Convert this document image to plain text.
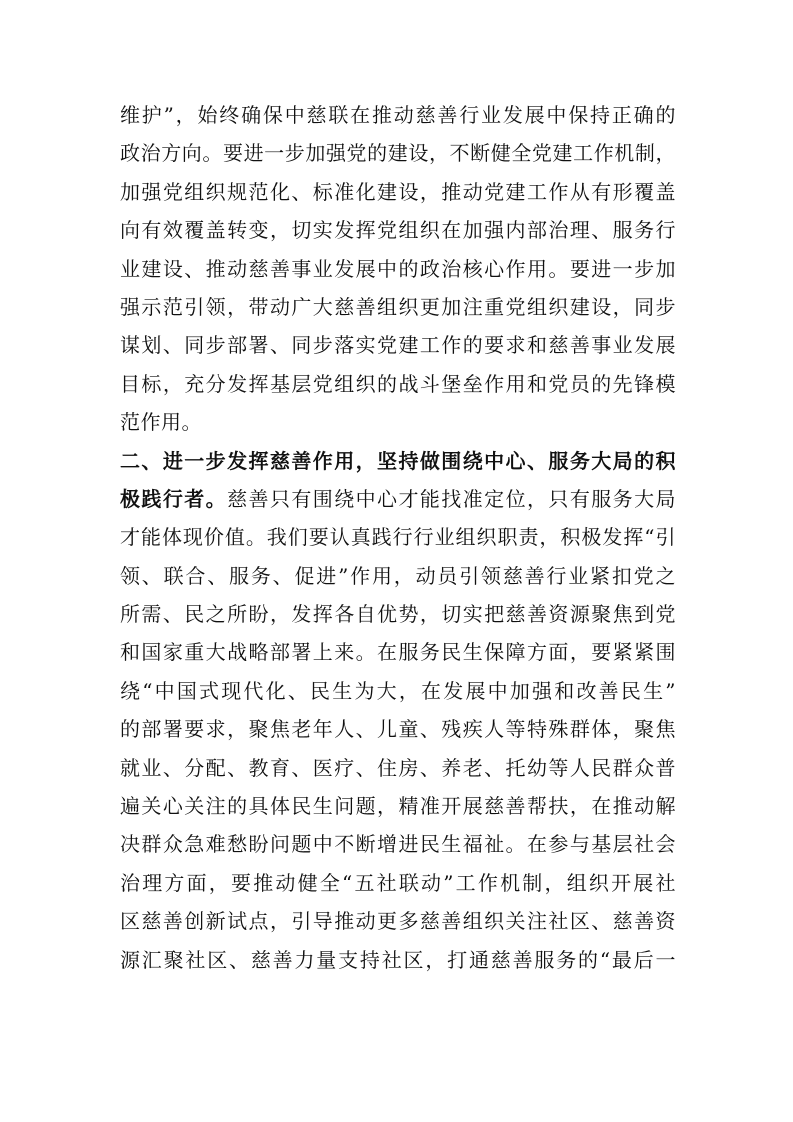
维护”，始终确保中慈联在推动慈善行业发展中保持正确的
政治方向。要进一步加强党的建设，不断健全党建工作机制，
加强党组织规范化、标准化建设，推动党建工作从有形覆盖
向有效覆盖转变，切实发挥党组织在加强内部治理、服务行
业建设、推动慈善事业发展中的政治核心作用。要进一步加
强示范引领，带动广大慈善组织更加注重党组织建设，同步
谋划、同步部署、同步落实党建工作的要求和慈善事业发展
目标，充分发挥基层党组织的战斗堡垒作用和党员的先锋模
范作用。
二、进一步发挥慈善作用，坚持做围绕中心、服务大局的积
极践行者。慈善只有围绕中心才能找准定位，只有服务大局
才能体现价值。我们要认真践行行业组织职责，积极发挥“引
领、联合、服务、促进”作用，动员引领慈善行业紧扣党之
所需、民之所盼，发挥各自优势，切实把慈善资源聚焦到党
和国家重大战略部署上来。在服务民生保障方面，要紧紧围
绕“中国式现代化、民生为大，在发展中加强和改善民生”
的部署要求，聚焦老年人、儿童、残疾人等特殊群体，聚焦
就业、分配、教育、医疗、住房、养老、托幼等人民群众普
遍关心关注的具体民生问题，精准开展慈善帮扶，在推动解
决群众急难愁盼问题中不断增进民生福祉。在参与基层社会
治理方面，要推动健全“五社联动”工作机制，组织开展社
区慈善创新试点，引导推动更多慈善组织关注社区、慈善资
源汇聚社区、慈善力量支持社区，打通慈善服务的“最后一
